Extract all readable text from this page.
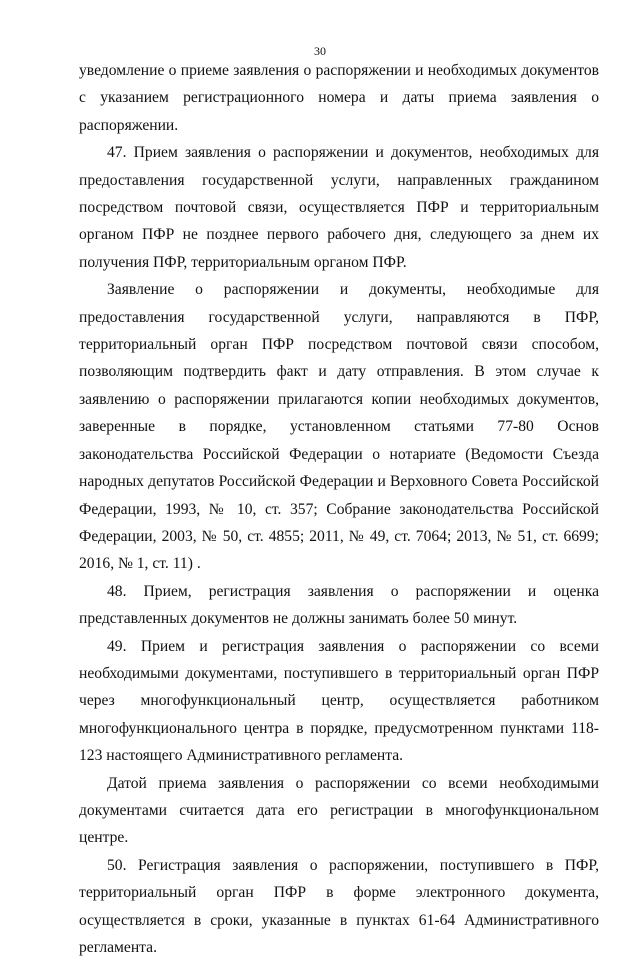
30

уведомление о приеме заявления о распоряжении и необходимых документов с указанием регистрационного номера и даты приема заявления о распоряжении.

47. Прием заявления о распоряжении и документов, необходимых для предоставления государственной услуги, направленных гражданином посредством почтовой связи, осуществляется ПФР и территориальным органом ПФР не позднее первого рабочего дня, следующего за днем их получения ПФР, территориальным органом ПФР.

Заявление о распоряжении и документы, необходимые для предоставления государственной услуги, направляются в ПФР, территориальный орган ПФР посредством почтовой связи способом, позволяющим подтвердить факт и дату отправления. В этом случае к заявлению о распоряжении прилагаются копии необходимых документов, заверенные в порядке, установленном статьями 77-80 Основ законодательства Российской Федерации о нотариате (Ведомости Съезда народных депутатов Российской Федерации и Верховного Совета Российской Федерации, 1993, № 10, ст. 357; Собрание законодательства Российской Федерации, 2003, № 50, ст. 4855; 2011, № 49, ст. 7064; 2013, № 51, ст. 6699; 2016, № 1, ст. 11) .

48. Прием, регистрация заявления о распоряжении и оценка представленных документов не должны занимать более 50 минут.

49. Прием и регистрация заявления о распоряжении со всеми необходимыми документами, поступившего в территориальный орган ПФР через многофункциональный центр, осуществляется работником многофункционального центра в порядке, предусмотренном пунктами 118-123 настоящего Административного регламента.

Датой приема заявления о распоряжении со всеми необходимыми документами считается дата его регистрации в многофункциональном центре.

50. Регистрация заявления о распоряжении, поступившего в ПФР, территориальный орган ПФР в форме электронного документа, осуществляется в сроки, указанные в пунктах 61-64 Административного регламента.
